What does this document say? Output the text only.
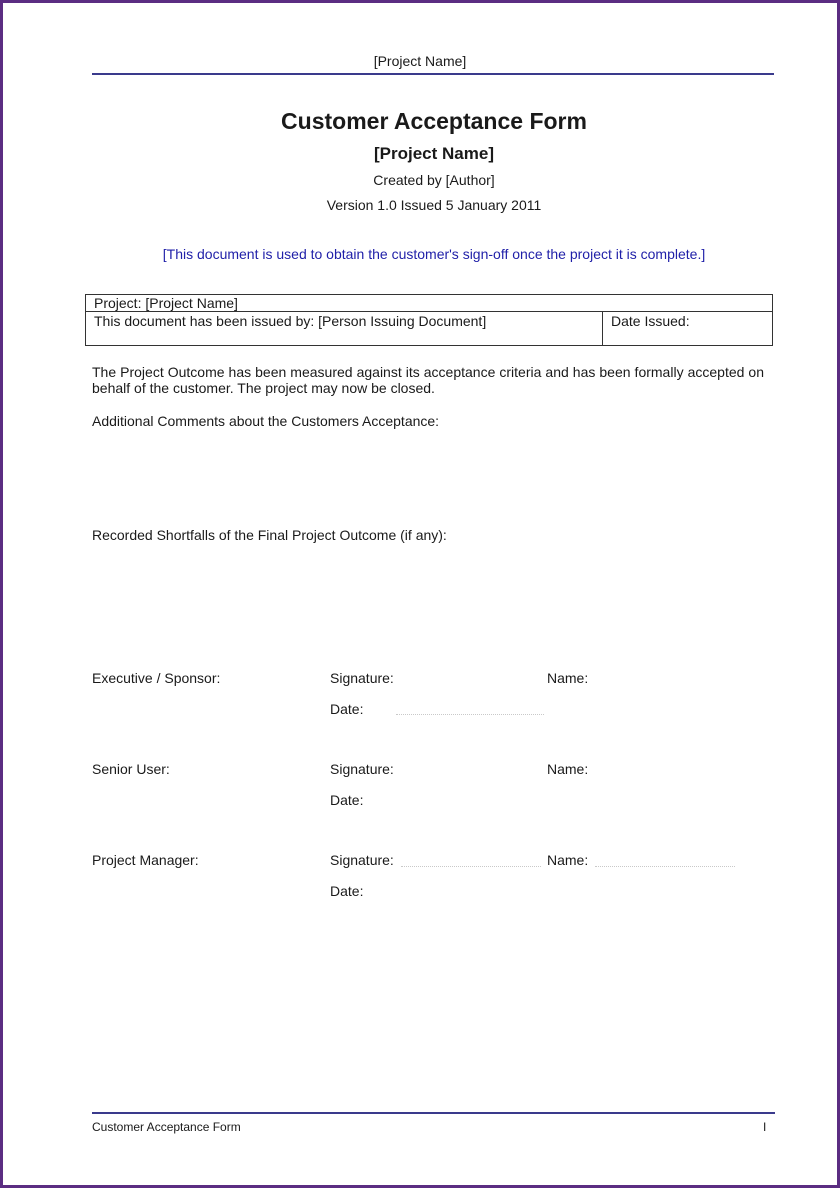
[Project Name]
Customer Acceptance Form
[Project Name]
Created by [Author]
Version 1.0 Issued 5 January 2011
[This document is used to obtain the customer's sign-off once the project it is complete.]
Project: [Project Name]
This document has been issued by: [Person Issuing Document]	Date Issued:
The Project Outcome has been measured against its acceptance criteria and has been formally accepted on behalf of the customer. The project may now be closed.
Additional Comments about the Customers Acceptance:
Recorded Shortfalls of the Final Project Outcome (if any):
Executive / Sponsor:	Signature:	Name:
Date:
Senior User:	Signature:	Name:
Date:
Project Manager:	Signature:	Name:
Date:
Customer Acceptance Form	I
